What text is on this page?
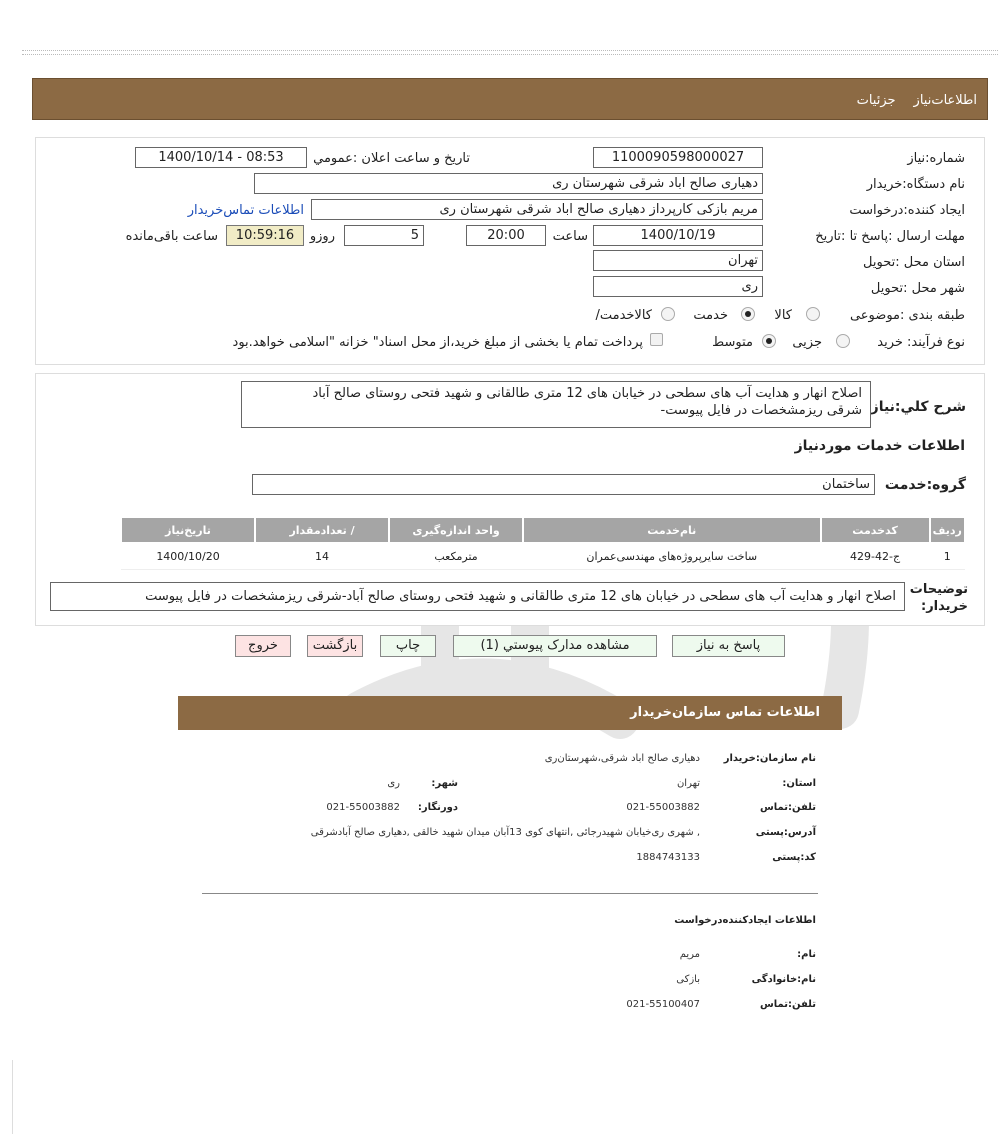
جزئیات اطلاعات‌نیاز
شماره:نیاز
1100090598000027
تاریخ و ساعت اعلان :عمومي
1400/10/14 - 08:53
نام دستگاه:خریدار
دهیاری صالح اباد شرقی شهرستان ری
ایجاد کننده:درخواست
مریم بازکی کارپرداز دهیاری صالح اباد شرقی شهرستان ری
اطلاعات تماس‌خریدار
مهلت ارسال :پاسخ تا :تاریخ
1400/10/19
ساعت
20:00
5
روزو
10:59:16
ساعت باقی‌مانده
استان محل :تحویل
تهران
شهر محل :تحویل
ری
طبقه بندی :موضوعی
کالا
خدمت
/کالاخدمت
نوع فرآیند: خرید
جزیی
متوسط
پرداخت تمام یا بخشی از مبلغ خرید،از محل اسناد" خزانه "اسلامی خواهد.بود
شرح كلي:نياز
اصلاح انهار و هدایت آب های سطحی در خیابان های 12 متری طالقانی و شهید فتحی روستای صالح آباد
-شرقی ریزمشخصات در فایل پیوست
اطلاعات خدمات موردنیاز
گروه:خدمت
ساختمان
رديف	کدخدمت	نام‌خدمت	واحد اندازه‌گیری	/ تعدادمقدار	تاریخ‌نیاز
1	ج-42-429	ساخت سایرپروژه‌های مهندسی‌عمران	مترمکعب	14	1400/10/20
توضیحات
:خریدار
اصلاح انهار و هدایت آب های سطحی در خیابان های 12 متری طالقانی و شهید فتحی روستای صالح آباد-شرقی ریزمشخصات در فایل پیوست
پاسخ به نیاز
مشاهده مدارک پیوستي (1)
چاپ
بازگشت
خروج
اطلاعات تماس سازمان‌خریدار
نام سازمان:خریدار
دهیاری صالح اباد شرقی،شهرستان‌ری
:استان
تهران
:شهر
ری
تلفن:تماس
021-55003882
:دورنگار
021-55003882
آدرس:پستی
شهری ری‌خیابان شهیدرجائی ,انتهای کوی 13آبان میدان شهید خالقی ,دهیاری صالح آبادشرقی ,
کد:پستی
1884743133
اطلاعات ایجادکننده‌درخواست
:نام
مریم
نام:خانوادگی
بازکی
تلفن:تماس
021-55100407
